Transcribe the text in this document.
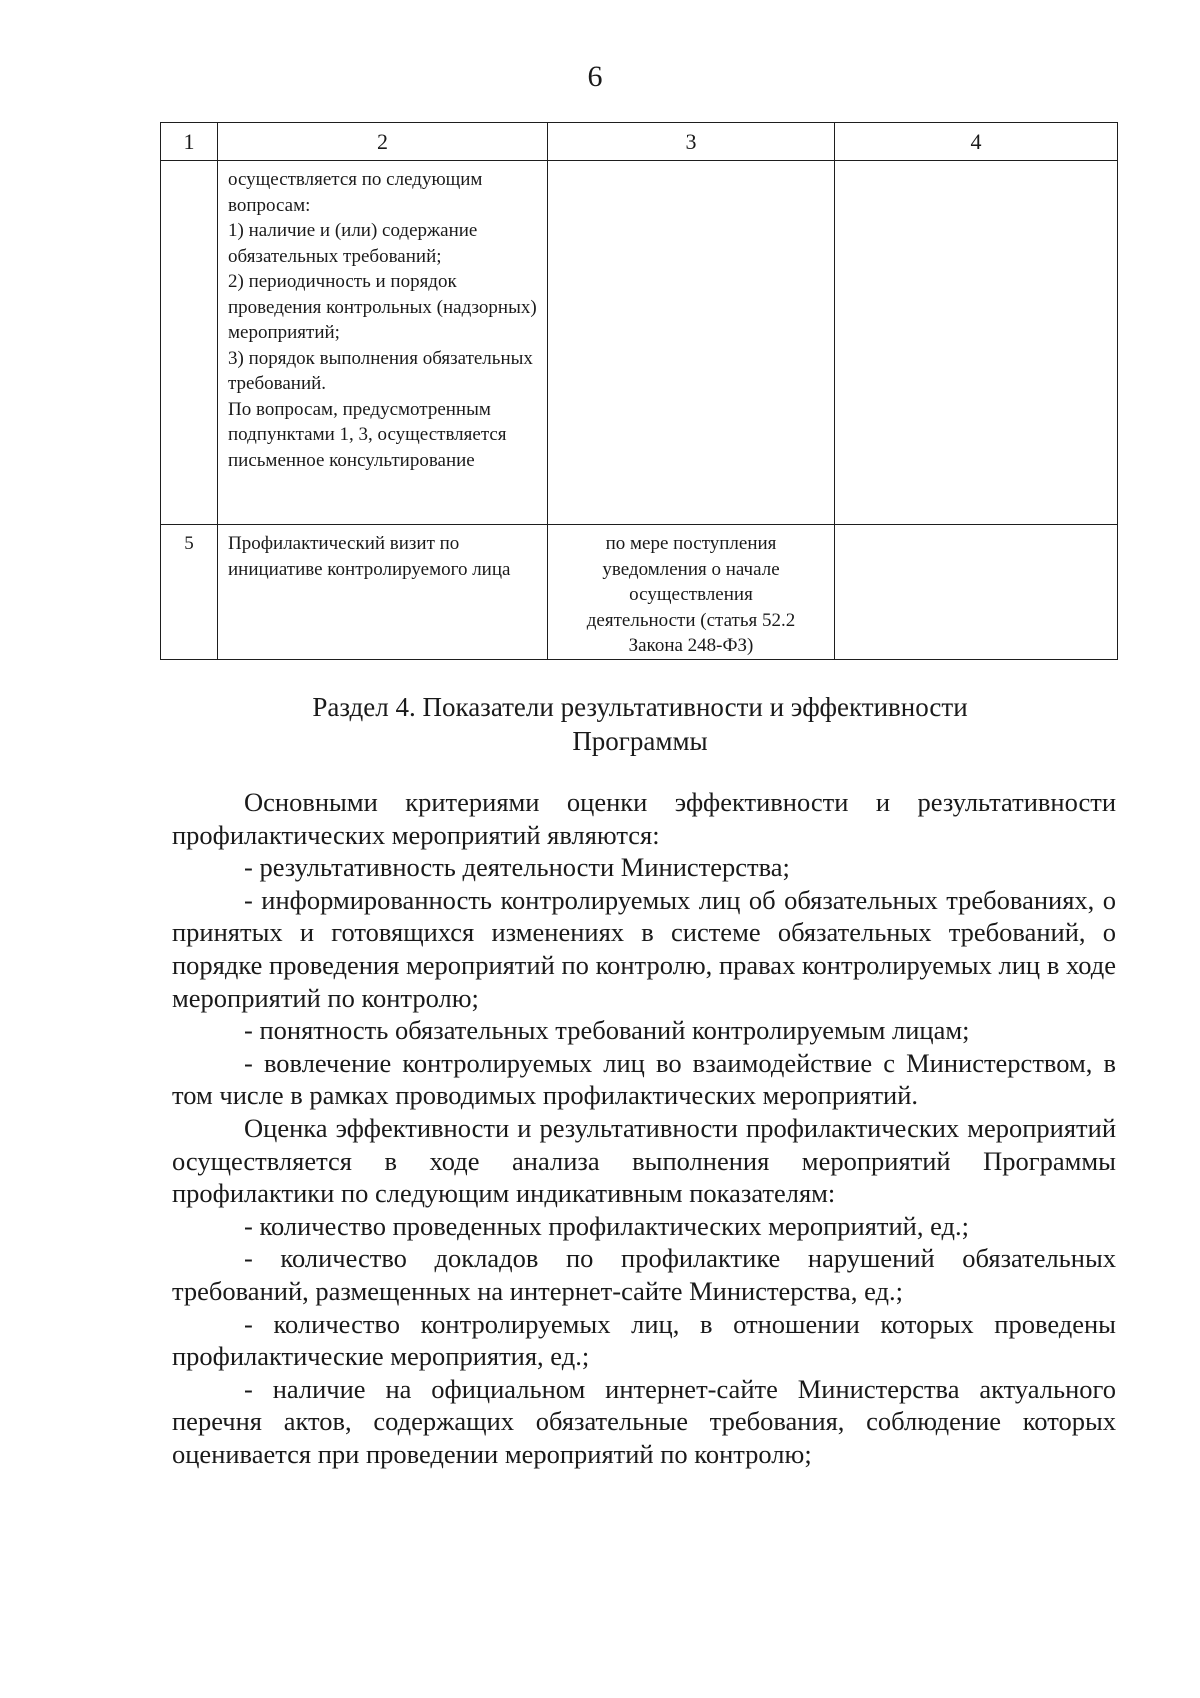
6
1	2	3	4

	осуществляется по следующим вопросам:
1) наличие и (или) содержание обязательных требований;
2) периодичность и порядок проведения контрольных (надзорных) мероприятий;
3) порядок выполнения обязательных требований.
По вопросам, предусмотренным подпунктами 1, 3, осуществляется письменное консультирование		

5	Профилактический визит по инициативе контролируемого лица	по мере поступления
уведомления о начале
осуществления
деятельности (статья 52.2
Закона 248-ФЗ)	

Раздел 4. Показатели результативности и эффективности
Программы

Основными критериями оценки эффективности и результативности профилактических мероприятий являются:

- результативность деятельности Министерства;

- информированность контролируемых лиц об обязательных требованиях, о принятых и готовящихся изменениях в системе обязательных требований, о порядке проведения мероприятий по контролю, правах контролируемых лиц в ходе мероприятий по контролю;

- понятность обязательных требований контролируемым лицам;

- вовлечение контролируемых лиц во взаимодействие с Министерством, в том числе в рамках проводимых профилактических мероприятий.

Оценка эффективности и результативности профилактических мероприятий осуществляется в ходе анализа выполнения мероприятий Программы профилактики по следующим индикативным показателям:

- количество проведенных профилактических мероприятий, ед.;

- количество докладов по профилактике нарушений обязательных требований, размещенных на интернет-сайте Министерства, ед.;

- количество контролируемых лиц, в отношении которых проведены профилактические мероприятия, ед.;

- наличие на официальном интернет-сайте Министерства актуального перечня актов, содержащих обязательные требования, соблюдение которых оценивается при проведении мероприятий по контролю;
